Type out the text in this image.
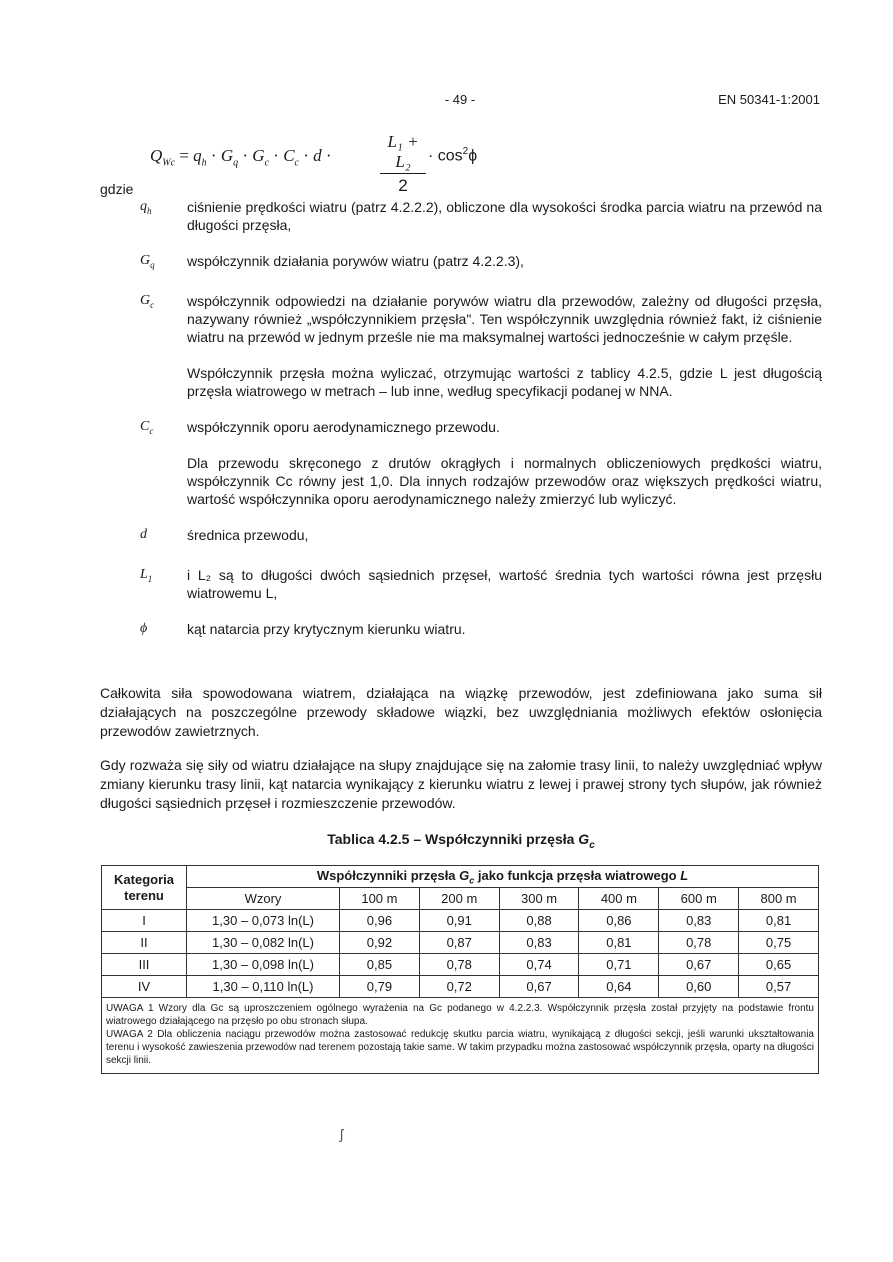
- 49 -	EN 50341-1:2001
$Q_{Wc} = q_h \cdot G_q \cdot G_c \cdot C_c \cdot d$ ·
L₁ + L₂
2
· $\cos^2\phi$
gdzie
$q_h$	ciśnienie prędkości wiatru (patrz 4.2.2.2), obliczone dla wysokości środka parcia wiatru na przewód na długości przęsła,

$G_q$ współczynnik działania porywów wiatru (patrz 4.2.2.3),

$G_c$ współczynnik odpowiedzi na działanie porywów wiatru dla przewodów, zależny od długości przęsła, nazywany również „współczynnikiem przęsła". Ten współczynnik uwzględnia również fakt, iż ciśnienie wiatru na przewód w jednym prześle nie ma maksymalnej wartości jednocześnie w całym przęśle.

Współczynnik przęsła można wyliczać, otrzymując wartości z tablicy 4.2.5, gdzie L jest długością przęsła wiatrowego w metrach – lub inne, według specyfikacji podanej w NNA.

$C_c$ współczynnik oporu aerodynamicznego przewodu.

Dla przewodu skręconego z drutów okrągłych i normalnych obliczeniowych prędkości wiatru, współczynnik Cc równy jest 1,0. Dla innych rodzajów przewodów oraz większych prędkości wiatru, wartość współczynnika oporu aerodynamicznego należy zmierzyć lub wyliczyć.

d	średnica przewodu,

$L_1$ i L₂ są to długości dwóch sąsiednich przęseł, wartość średnia tych wartości równa jest przęsłu wiatrowemu L,

ϕ	kąt natarcia przy krytycznym kierunku wiatru.

Całkowita siła spowodowana wiatrem, działająca na wiązkę przewodów, jest zdefiniowana jako suma sił działających na poszczególne przewody składowe wiązki, bez uwzględniania możliwych efektów osłonięcia przewodów zawietrznych.
Gdy rozważa się siły od wiatru działające na słupy znajdujące się na załomie trasy linii, to należy uwzględniać wpływ zmiany kierunku trasy linii, kąt natarcia wynikający z kierunku wiatru z lewej i prawej strony tych słupów, jak również długości sąsiednich przęseł i rozmieszczenie przewodów.
Tablica 4.2.5 – Współczynniki przęsła $G_c$
Kategoria terenu	Współczynniki przęsła $G_c$ jako funkcja przęsła wiatrowego L						
	Wzory	100 m	200 m	300 m	400 m	600 m	800 m
I	1,30 – 0,073 ln(L)	0,96	0,91	0,88	0,86	0,83	0,81
II	1,30 – 0,082 ln(L)	0,92	0,87	0,83	0,81	0,78	0,75
III	1,30 – 0,098 ln(L)	0,85	0,78	0,74	0,71	0,67	0,65
IV	1,30 – 0,110 ln(L)	0,79	0,72	0,67	0,64	0,60	0,57

UWAGA 1 Wzory dla Gc są uproszczeniem ogólnego wyrażenia na Gc podanego w 4.2.2.3. Współczynnik przęsła został przyjęty na podstawie frontu wiatrowego działającego na przęsło po obu stronach słupa.

UWAGA 2 Dla obliczenia naciągu przewodów można zastosować redukcję skutku parcia wiatru, wynikającą z długości sekcji, jeśli warunki ukształtowania terenu i wysokość zawieszenia przewodów nad terenem pozostają takie same. W takim przypadku można zastosować współczynnik przęsła, oparty na długości sekcji linii.							

ʃ
